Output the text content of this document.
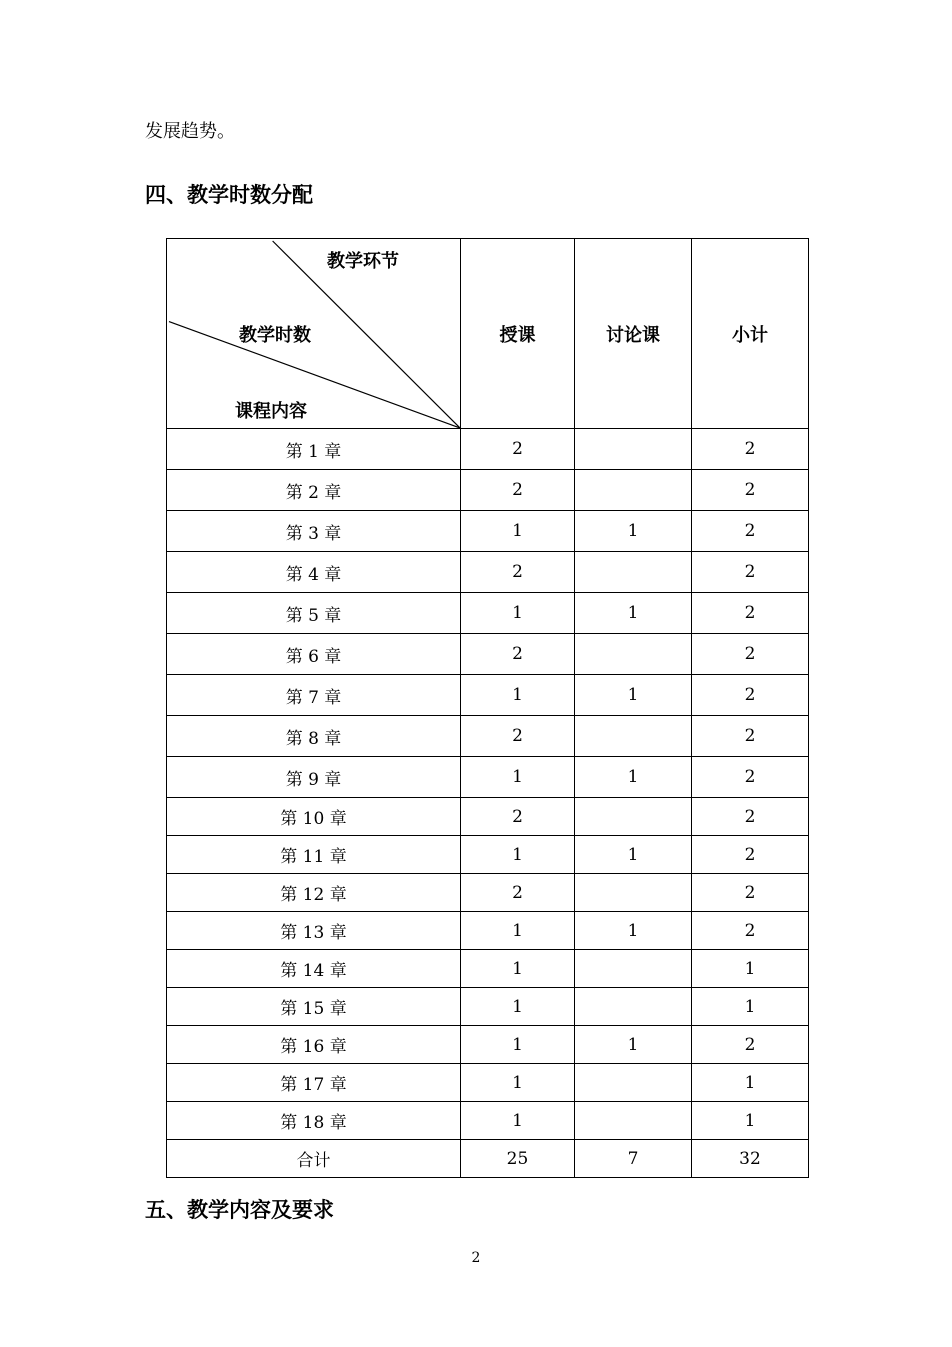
发展趋势。
四、教学时数分配
教学环节
教学时数
课程内容	授课	讨论课	小计
第 1 章	2		2
第 2 章	2		2
第 3 章	1	1	2
第 4 章	2		2
第 5 章	1	1	2
第 6 章	2		2
第 7 章	1	1	2
第 8 章	2		2
第 9 章	1	1	2
第 10 章	2		2
第 11 章	1	1	2
第 12 章	2		2
第 13 章	1	1	2
第 14 章	1		1
第 15 章	1		1
第 16 章	1	1	2
第 17 章	1		1
第 18 章	1		1
合计	25	7	32
五、教学内容及要求
2
